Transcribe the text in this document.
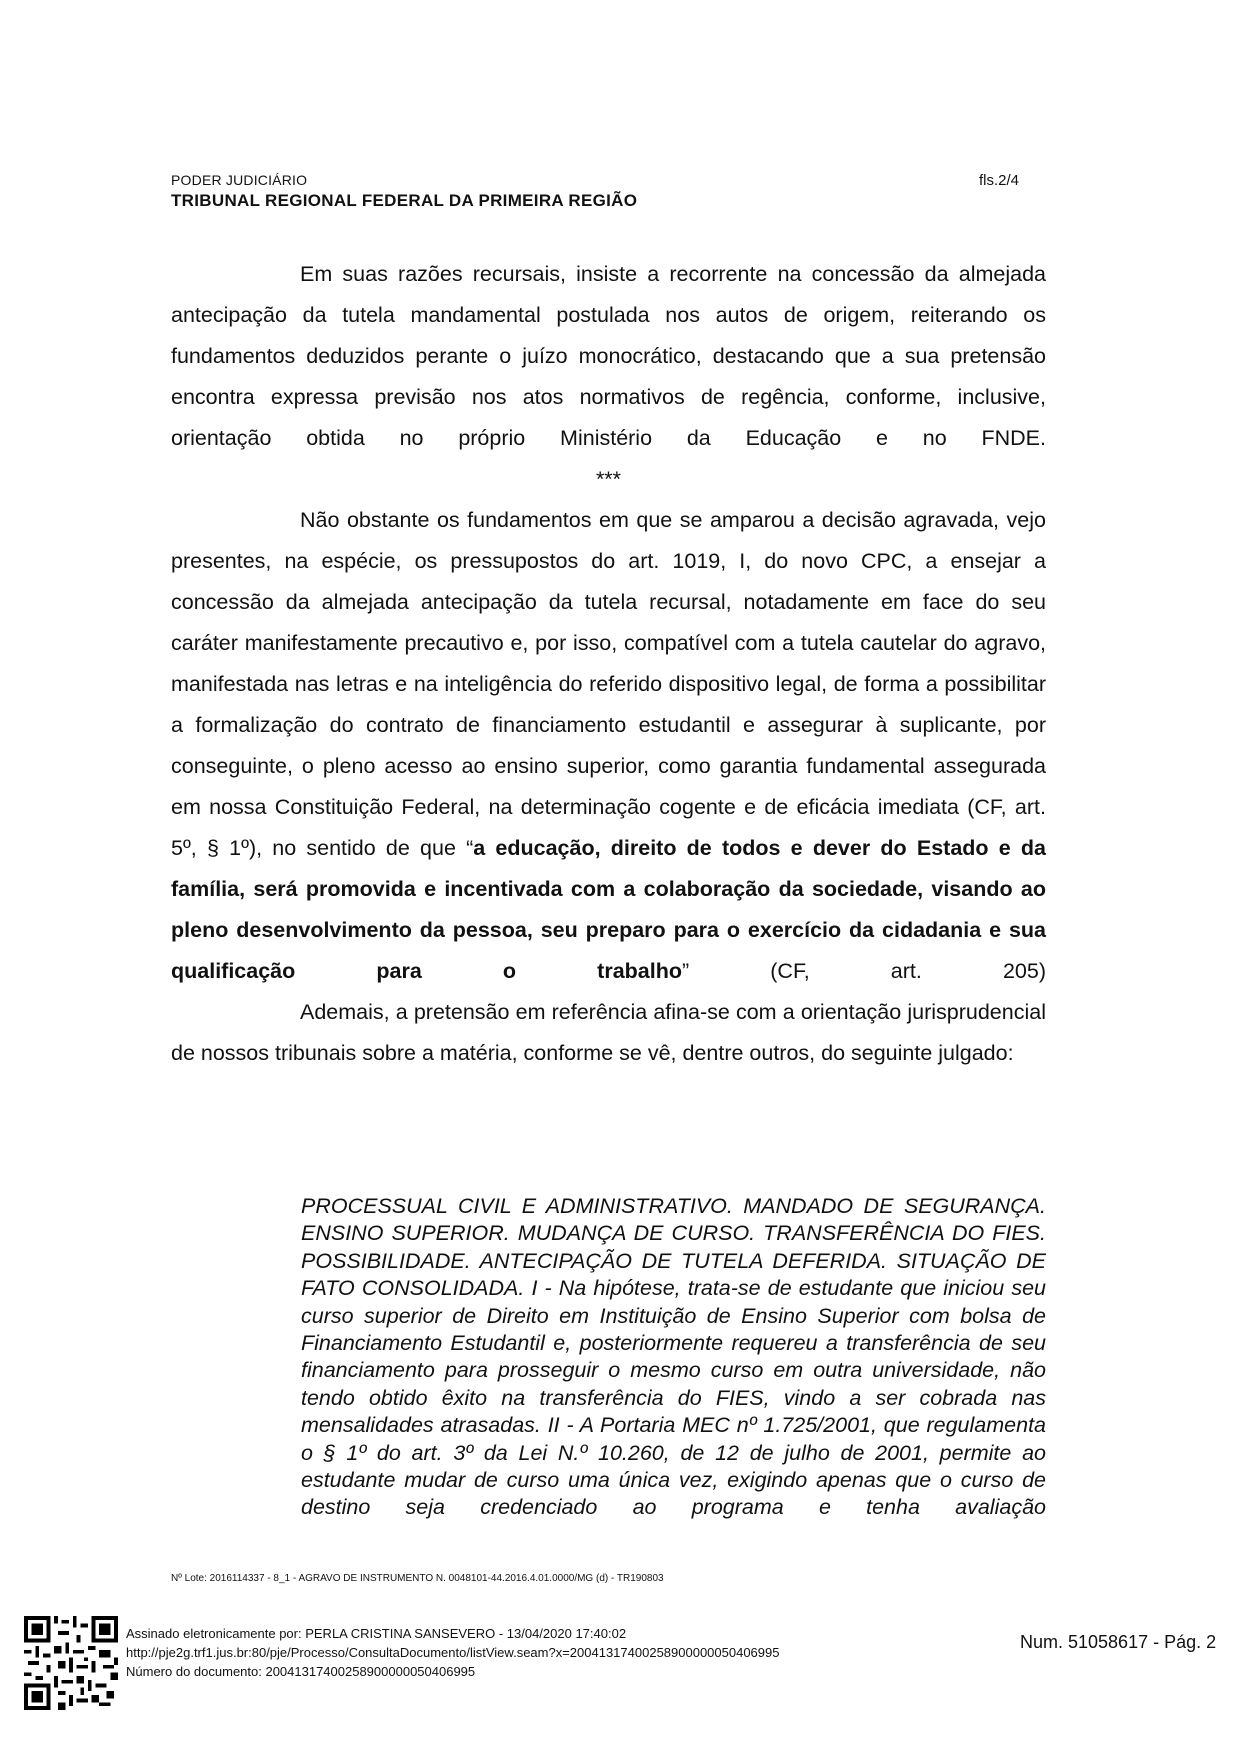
PODER JUDICIÁRIO
TRIBUNAL REGIONAL FEDERAL DA PRIMEIRA REGIÃO
fls.2/4

Em suas razões recursais, insiste a recorrente na concessão da almejada antecipação da tutela mandamental postulada nos autos de origem, reiterando os fundamentos deduzidos perante o juízo monocrático, destacando que a sua pretensão encontra expressa previsão nos atos normativos de regência, conforme, inclusive, orientação obtida no próprio Ministério da Educação e no FNDE.

***

Não obstante os fundamentos em que se amparou a decisão agravada, vejo presentes, na espécie, os pressupostos do art. 1019, I, do novo CPC, a ensejar a concessão da almejada antecipação da tutela recursal, notadamente em face do seu caráter manifestamente precautivo e, por isso, compatível com a tutela cautelar do agravo, manifestada nas letras e na inteligência do referido dispositivo legal, de forma a possibilitar a formalização do contrato de financiamento estudantil e assegurar à suplicante, por conseguinte, o pleno acesso ao ensino superior, como garantia fundamental assegurada em nossa Constituição Federal, na determinação cogente e de eficácia imediata (CF, art. 5º, § 1º), no sentido de que “a educação, direito de todos e dever do Estado e da família, será promovida e incentivada com a colaboração da sociedade, visando ao pleno desenvolvimento da pessoa, seu preparo para o exercício da cidadania e sua qualificação para o trabalho” (CF, art. 205)

Ademais, a pretensão em referência afina-se com a orientação jurisprudencial de nossos tribunais sobre a matéria, conforme se vê, dentre outros, do seguinte julgado:

PROCESSUAL CIVIL E ADMINISTRATIVO. MANDADO DE SEGURANÇA. ENSINO SUPERIOR. MUDANÇA DE CURSO. TRANSFERÊNCIA DO FIES. POSSIBILIDADE. ANTECIPAÇÃO DE TUTELA DEFERIDA. SITUAÇÃO DE FATO CONSOLIDADA. I - Na hipótese, trata-se de estudante que iniciou seu curso superior de Direito em Instituição de Ensino Superior com bolsa de Financiamento Estudantil e, posteriormente requereu a transferência de seu financiamento para prosseguir o mesmo curso em outra universidade, não tendo obtido êxito na transferência do FIES, vindo a ser cobrada nas mensalidades atrasadas. II - A Portaria MEC nº 1.725/2001, que regulamenta o § 1º do art. 3º da Lei N.º 10.260, de 12 de julho de 2001, permite ao estudante mudar de curso uma única vez, exigindo apenas que o curso de destino seja credenciado ao programa e tenha avaliação
Nº Lote: 2016114337 - 8_1 - AGRAVO DE INSTRUMENTO N. 0048101-44.2016.4.01.0000/MG (d) - TR190803
Assinado eletronicamente por: PERLA CRISTINA SANSEVERO - 13/04/2020 17:40:02
http://pje2g.trf1.jus.br:80/pje/Processo/ConsultaDocumento/listView.seam?x=20041317400258900000050406995
Número do documento: 20041317400258900000050406995
Num. 51058617 - Pág. 2
